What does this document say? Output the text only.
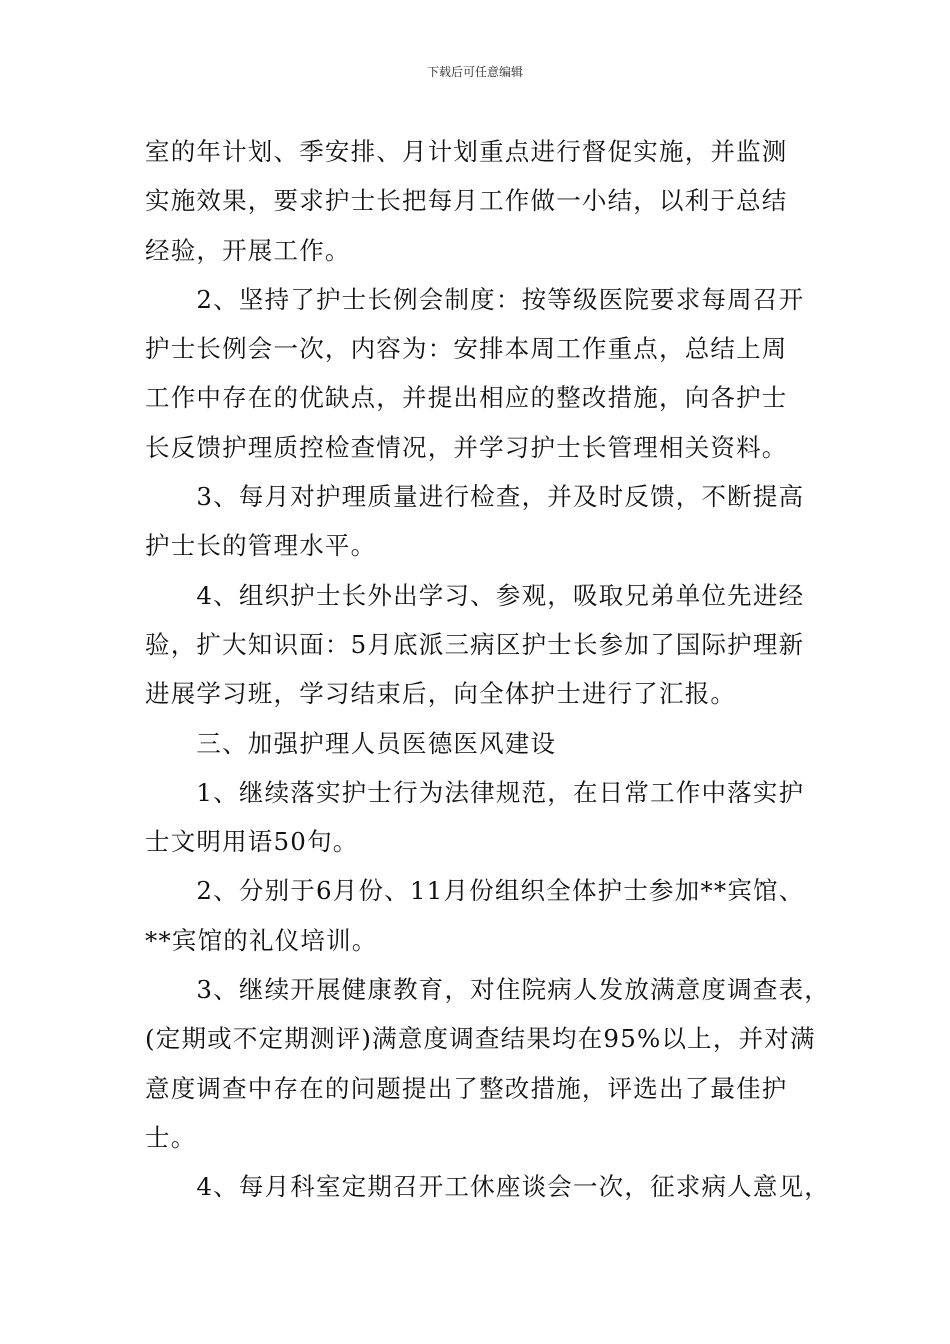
下载后可任意编辑
室的年计划、季安排、月计划重点进行督促实施，并监测
实施效果，要求护士长把每月工作做一小结，以利于总结
经验，开展工作。
　　2、坚持了护士长例会制度：按等级医院要求每周召开
护士长例会一次，内容为：安排本周工作重点，总结上周
工作中存在的优缺点，并提出相应的整改措施，向各护士
长反馈护理质控检查情况，并学习护士长管理相关资料。
　　3、每月对护理质量进行检查，并及时反馈，不断提高
护士长的管理水平。
　　4、组织护士长外出学习、参观，吸取兄弟单位先进经
验，扩大知识面：5月底派三病区护士长参加了国际护理新
进展学习班，学习结束后，向全体护士进行了汇报。
　　三、加强护理人员医德医风建设
　　1、继续落实护士行为法律规范，在日常工作中落实护
士文明用语50句。
　　2、分别于6月份、11月份组织全体护士参加**宾馆、
**宾馆的礼仪培训。
　　3、继续开展健康教育，对住院病人发放满意度调查表，
(定期或不定期测评)满意度调查结果均在95%以上，并对满
意度调查中存在的问题提出了整改措施，评选出了最佳护
士。
　　4、每月科室定期召开工休座谈会一次，征求病人意见，
